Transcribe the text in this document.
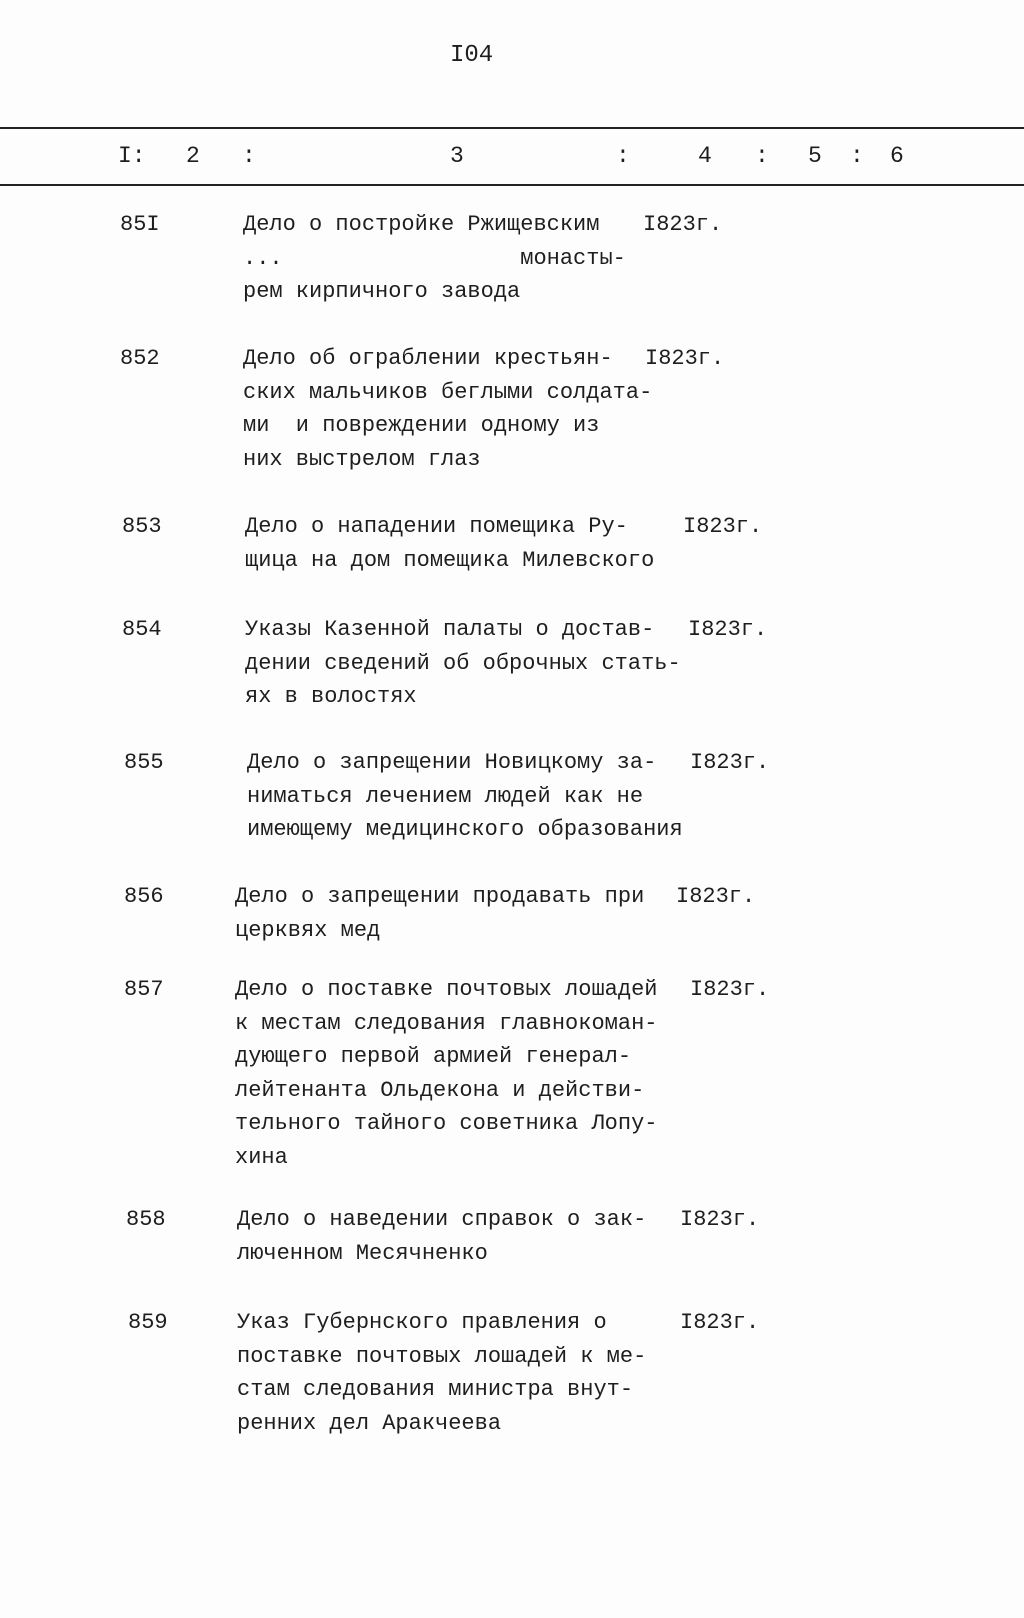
I04
I: 2 :	3	:	4 : 5 : 6
85I	Дело о постройке Ржищевским
...                  монасты-
рем кирпичного завода
I823г.
852	Дело об ограблении крестьян-
ских мальчиков беглыми солдата-
ми  и повреждении одному из
них выстрелом глаз
I823г.
853	Дело о нападении помещика Ру-
щица на дом помещика Милевского
I823г.
854	Указы Казенной палаты о достав-
дении сведений об оброчных стать-
ях в волостях
I823г.
855	Дело о запрещении Новицкому за-
ниматься лечением людей как не
имеющему медицинского образования
I823г.
856	Дело о запрещении продавать при
церквях мед
I823г.
857	Дело о поставке почтовых лошадей
к местам следования главнокоман-
дующего первой армией генерал-
лейтенанта Ольдекона и действи-
тельного тайного советника Лопу-
хина
I823г.
858	Дело о наведении справок о зак-
люченном Месячненко
I823г.
859	Указ Губернского правления о
поставке почтовых лошадей к ме-
стам следования министра внут-
ренних дел Аракчеева
I823г.
